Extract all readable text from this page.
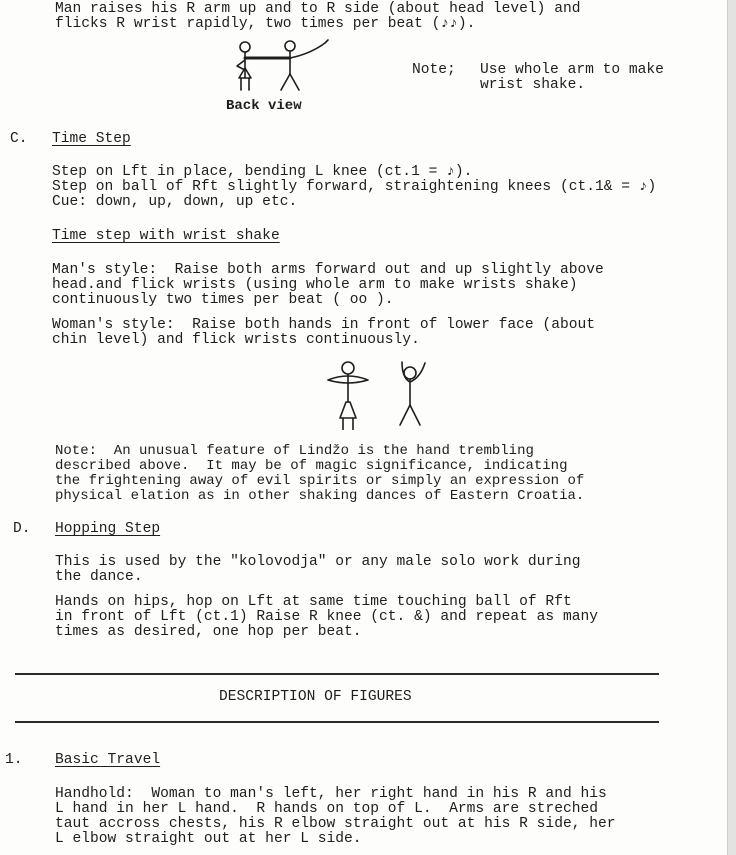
Man raises his R arm up and to R side (about head level) and
flicks R wrist rapidly, two times per beat (♪♪).
Back view
Note; Use whole arm to make
wrist shake.
C. Time Step
Step on Lft in place, bending L knee (ct.1 = ♪).
Step on ball of Rft slightly forward, straightening knees (ct.1& = ♪)
Cue: down, up, down, up etc.
Time step with wrist shake
Man's style:  Raise both arms forward out and up slightly above
head.and flick wrists (using whole arm to make wrists shake)
continuously two times per beat ( oo ).
Woman's style:  Raise both hands in front of lower face (about
chin level) and flick wrists continuously.
Note:  An unusual feature of Lindžo is the hand trembling
described above.  It may be of magic significance, indicating
the frightening away of evil spirits or simply an expression of
physical elation as in other shaking dances of Eastern Croatia.
D. Hopping Step
This is used by the "kolovodja" or any male solo work during
the dance.
Hands on hips, hop on Lft at same time touching ball of Rft
in front of Lft (ct.1) Raise R knee (ct. &) and repeat as many
times as desired, one hop per beat.
DESCRIPTION OF FIGURES
1. Basic Travel
Handhold:  Woman to man's left, her right hand in his R and his
L hand in her L hand.  R hands on top of L.  Arms are streched
taut accross chests, his R elbow straight out at his R side, her
L elbow straight out at her L side.
